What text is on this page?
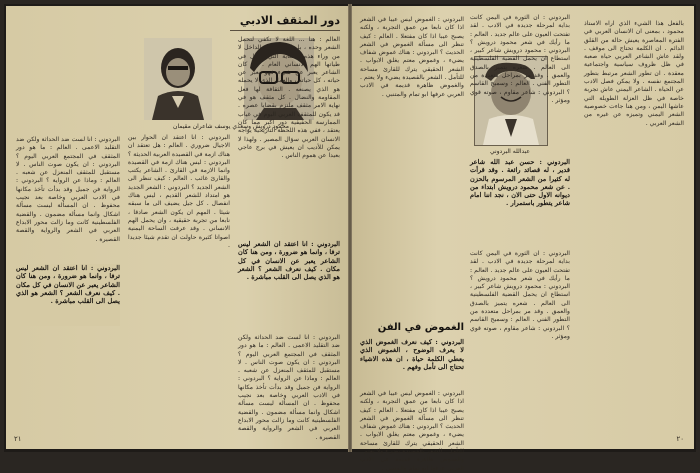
دور المثقف الادبي
محمود درويش وسعدي يوسف شاعران مقيمان
العالم : هنا ... اللغة لا تكفي لتحمل الشعر وحده ، بل اية تنبع من الداخل لا من وراء هذه الحكاية التي تحمل في طياتها الهم الانساني العام . اذا كان الشاعر يعبر عن شيء فهو يعبر عن حياته ، كل حياته ، والعمل الذي لا يحمله هو الذي يصنعه . الثقافة لها فعل المقاومة والنضال . كل مثقف هو في نهاية الامر مثقف ملتزم بقضايا عصره . قد يكون للمثقف العربي اليوم في غياب الممارسة الحقيقية دور اكبر مما كان يعتقد ، ففي هذه اللحظة التاريخية يواجه الانسان العربي سؤال المصير . ولهذا لا يمكن للأديب ان يعيش في برج عاجي بعيدا عن هموم الناس .
البردوني : انا اعتقد ان الشعر ليس ترفا ، وانما هو ضرورة ، ومن هنا كان الشاعر يعبر عن الانسان في كل مكان . كيف نعرف الشعر ؟ الشعر هو الذي يصل الى القلب مباشرة .
البردوني : انا لست ضد الحداثة ولكن ضد التقليد الاعمى . العالم : ما هو دور المثقف في المجتمع العربي اليوم ؟ البردوني : ان يكون صوت الناس . لا مستقبل للمثقف المنعزل عن شعبه . العالم : وماذا عن الرواية ؟ البردوني : الرواية فن جميل وقد بدأت تأخذ مكانها في الادب العربي وخاصة بعد نجيب محفوظ . ان المسألة ليست مسألة اشكال وانما مسألة مضمون . والقضية الفلسطينية كانت وما زالت محور الابداع العربي في الشعر والرواية والقصة القصيرة .
البردوني : انا اعتقد ان الحوار بين الاجيال ضروري . العالم : هل تعتقد ان هناك ازمة في القصيدة العربية الحديثة ؟ البردوني : ليس هناك ازمة في القصيدة وانما الازمة في القارئ . الشاعر يكتب والقارئ غائب . العالم : كيف تنظر الى الشعر الجديد ؟ البردوني : الشعر الجديد هو امتداد للشعر القديم ، ليس هناك انفصال . كل جيل يضيف الى ما سبقه شيئا . المهم ان يكون الشعر صادقا ، نابعا من تجربة حقيقية ، وان يحمل الهم الانساني . وقد عرفت الساحة اليمنية اصواتا كثيرة حاولت ان تقدم شيئا جديدا .
البردوني : انا لست ضد الحداثة ولكن ضد التقليد الاعمى . العالم : ما هو دور المثقف في المجتمع العربي اليوم ؟ البردوني : ان يكون صوت الناس . لا مستقبل للمثقف المنعزل عن شعبه . العالم : وماذا عن الرواية ؟ البردوني : الرواية فن جميل وقد بدأت تأخذ مكانها في الادب العربي وخاصة بعد نجيب محفوظ . ان المسألة ليست مسألة اشكال وانما مسألة مضمون . والقضية الفلسطينية كانت وما زالت محور الابداع العربي في الشعر والرواية والقصة القصيرة .
البردوني : انا اعتقد ان الشعر ليس ترفا ، وانما هو ضرورة ، ومن هنا كان الشاعر يعبر عن الانسان في كل مكان . كيف نعرف الشعر ؟ الشعر هو الذي يصل الى القلب مباشرة .
٢١
عبدالله البردوني
بالفعل هذا الشيء الذي اراه الاستاذ محمود ، بمعنى ان الانسان العربي في الفترة المعاصرة يعيش حالة من القلق الدائم . ان الكلمة تحتاج الى موقف . ولقد عاش الشاعر العربي حياة صعبة في ظل ظروف سياسية واجتماعية معقدة . ان تطور الشعر مرتبط بتطور المجتمع نفسه . ولا يمكن فصل الادب عن الحياة . الشاعر اليمني عاش تجربة خاصة في ظل العزلة الطويلة التي عاشها اليمن ، ومن هنا جاءت خصوصية الشعر اليمني وتميزه عن غيره من الشعر العربي .
البردوني : ان الثورة في اليمن كانت بداية لمرحلة جديدة في الادب . لقد تفتحت العيون على عالم جديد . العالم : ما رأيك في شعر محمود درويش ؟ البردوني : محمود درويش شاعر كبير ، استطاع ان يحمل القضية الفلسطينية الى العالم . شعره يتميز بالصدق والعمق . وقد مر بمراحل متعددة من التطور الفني . العالم : وسميح القاسم ؟ البردوني : شاعر مقاوم ، صوته قوي ومؤثر .
البردوني : حسن عبد الله شاعر قدير ، له قصائد رائعة . وقد قرأت له كثيرا من الشعر المرسوم بالحزن . عن شعر محمود درويش ابتداء من ديوانه الاول حتى الان ، نجد اننا امام شاعر يتطور باستمرار .
البردوني : ان الثورة في اليمن كانت بداية لمرحلة جديدة في الادب . لقد تفتحت العيون على عالم جديد . العالم : ما رأيك في شعر محمود درويش ؟ البردوني : محمود درويش شاعر كبير ، استطاع ان يحمل القضية الفلسطينية الى العالم . شعره يتميز بالصدق والعمق . وقد مر بمراحل متعددة من التطور الفني . العالم : وسميح القاسم ؟ البردوني : شاعر مقاوم ، صوته قوي ومؤثر .
البردوني : الغموض ليس عيبا في الشعر اذا كان نابعا من عمق التجربة ، ولكنه يصبح عيبا اذا كان مفتعلا . العالم : كيف تنظر الى مسألة الغموض في الشعر الحديث ؟ البردوني : هناك غموض شفاف يضيء ، وغموض معتم يغلق الابواب . الشعر الحقيقي يترك للقارئ مساحة للتأمل . الشعر بالقصيدة يضيء ولا يعتم . والغموض ظاهرة قديمة في الادب العربي عرفها ابو تمام والمتنبي .
الغموض في الفن
البردوني : كيف نعرف الغموض الذي لا يعرف الوضوح ، الغموض الذي يعطي الكلمة حياة ، ان هذه الاشياء تحتاج الى تأمل وفهم .
البردوني : الغموض ليس عيبا في الشعر اذا كان نابعا من عمق التجربة ، ولكنه يصبح عيبا اذا كان مفتعلا . العالم : كيف تنظر الى مسألة الغموض في الشعر الحديث ؟ البردوني : هناك غموض شفاف يضيء ، وغموض معتم يغلق الابواب . الشعر الحقيقي يترك للقارئ مساحة للتأمل . الشعر بالقصيدة يضيء ولا يعتم . والغموض ظاهرة قديمة في الادب العربي عرفها ابو تمام والمتنبي .
٢٠
